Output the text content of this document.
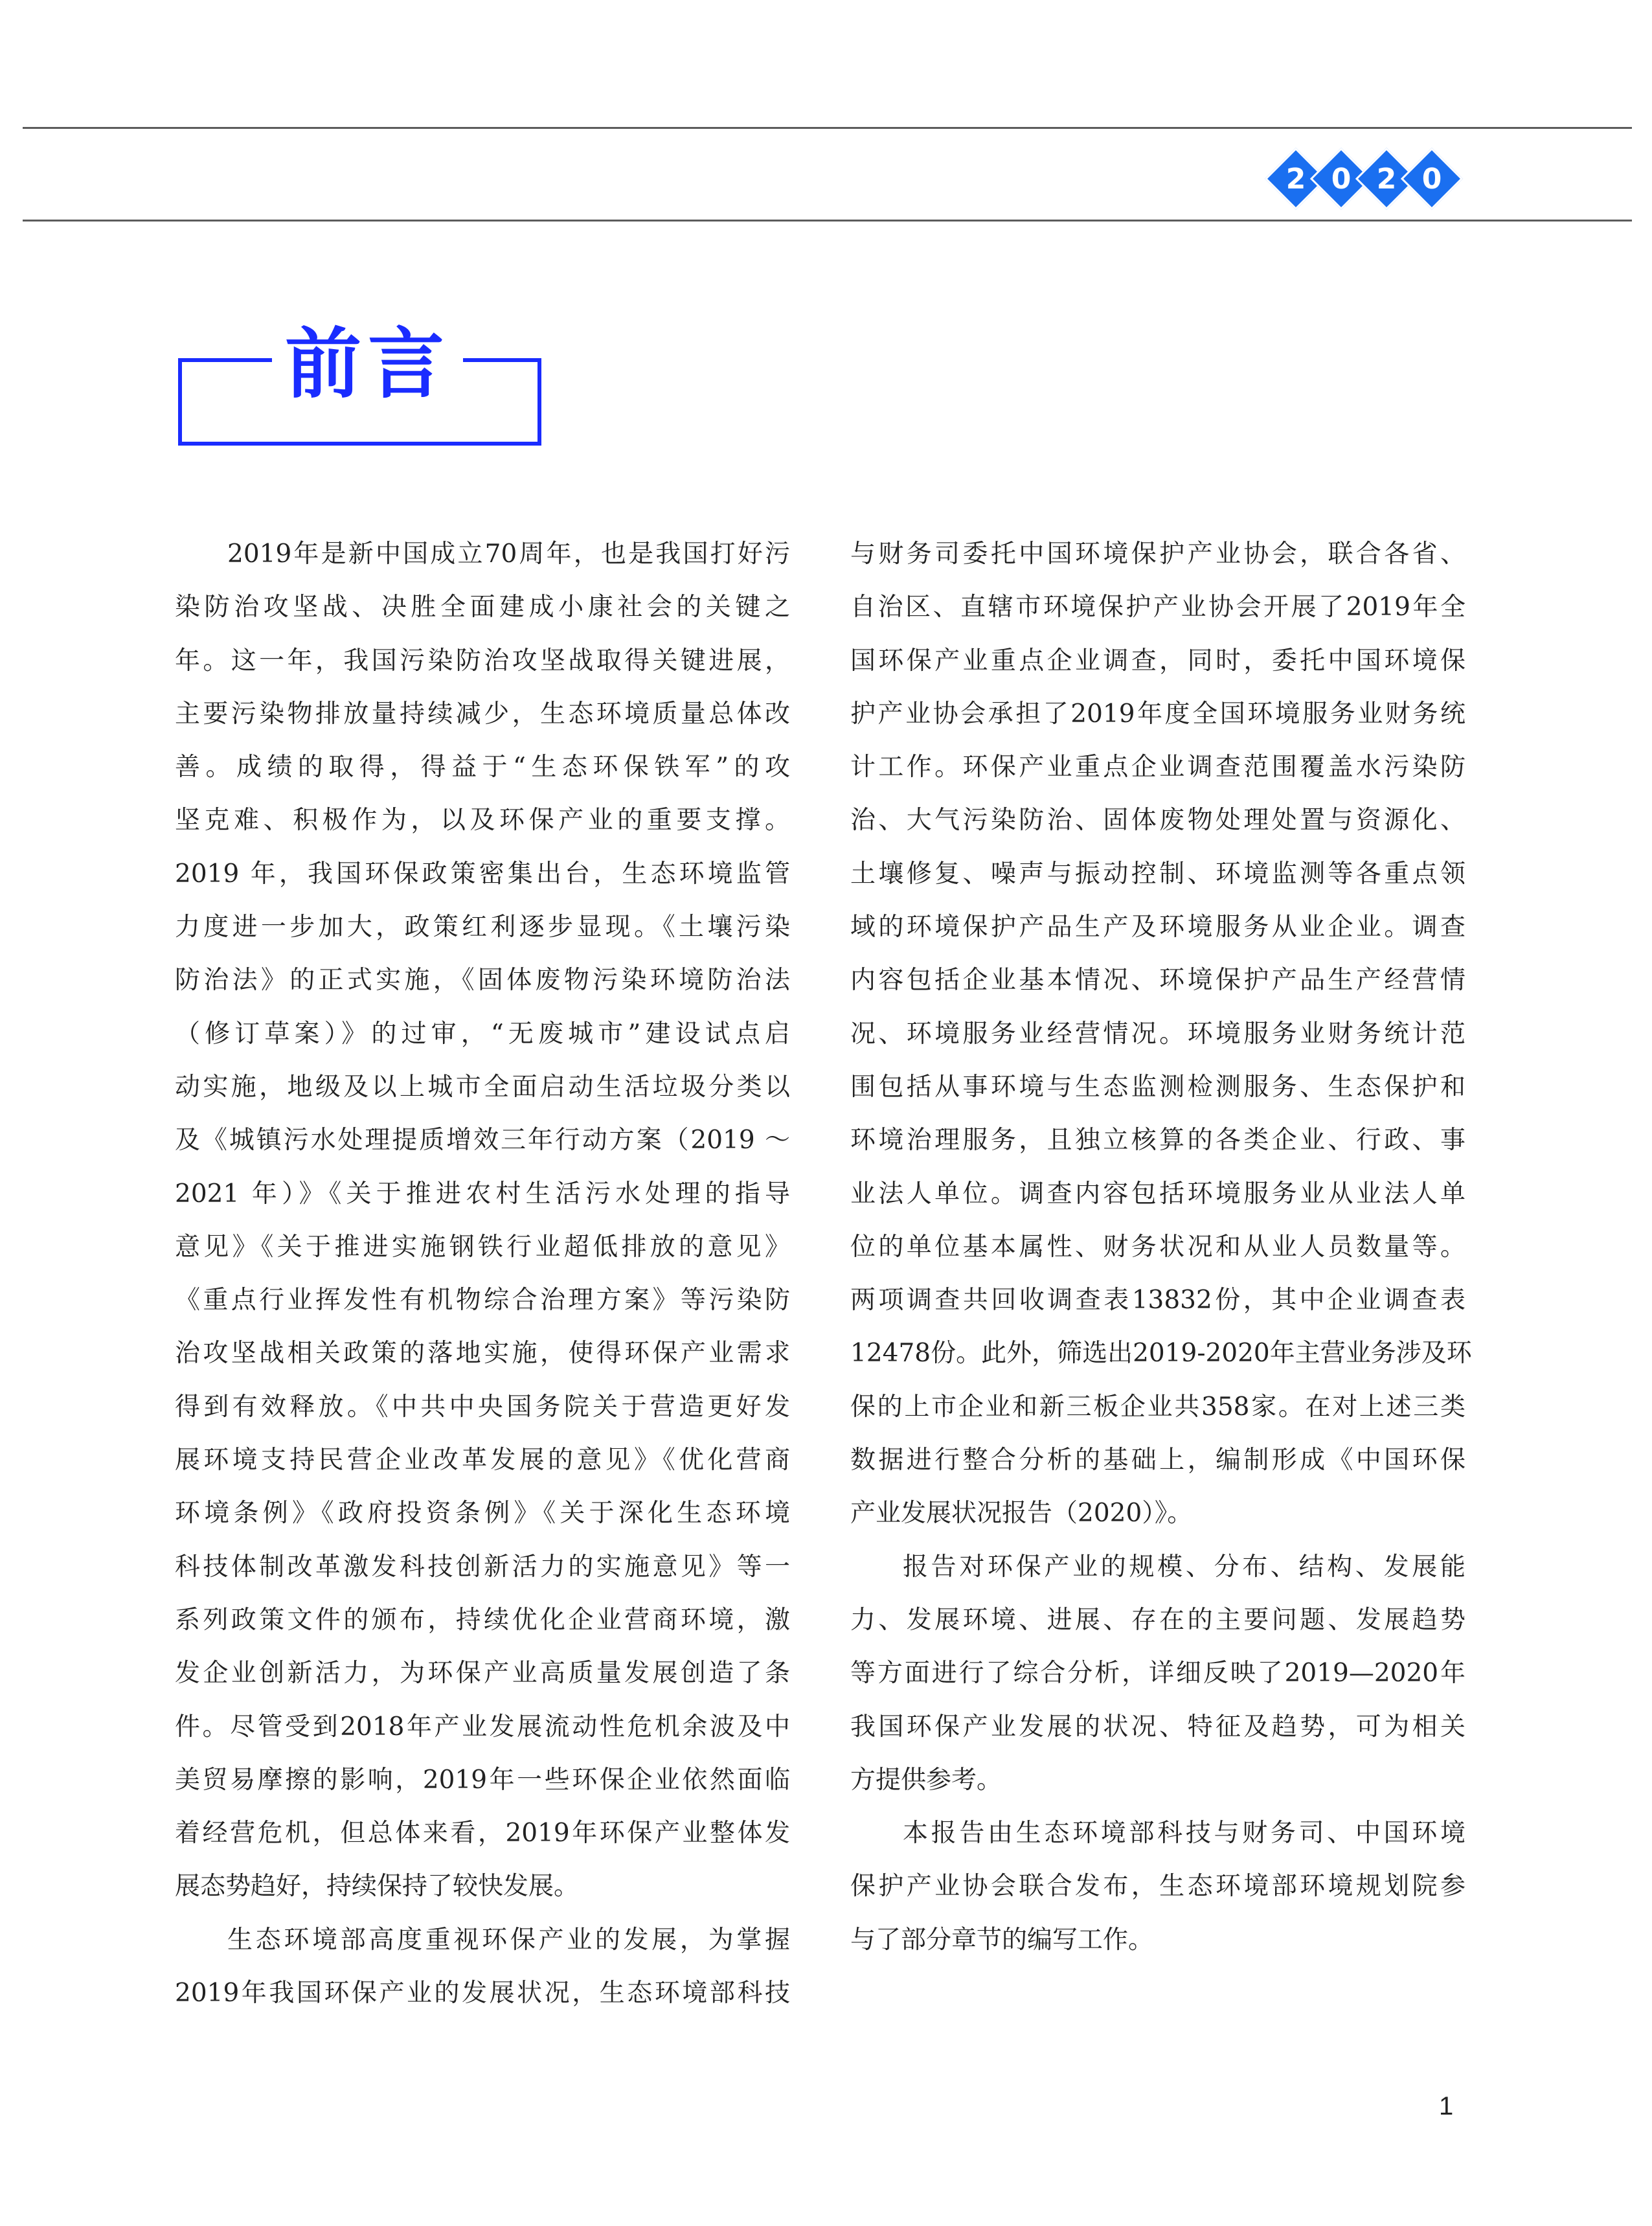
2 0 2 0
前言
2019年是新中国成立70周年，也是我国打好污
染防治攻坚战、决胜全面建成小康社会的关键之
年。这一年，我国污染防治攻坚战取得关键进展，
主要污染物排放量持续减少，生态环境质量总体改
善。成绩的取得，得益于“生态环保铁军”的攻
坚克难、积极作为，以及环保产业的重要支撑。
2019 年，我国环保政策密集出台，生态环境监管
力度进一步加大，政策红利逐步显现。《土壤污染
防治法》的正式实施，《固体废物污染环境防治法
（修订草案）》的过审，“无废城市”建设试点启
动实施，地级及以上城市全面启动生活垃圾分类以
及《城镇污水处理提质增效三年行动方案（2019 ～
2021 年）》《关于推进农村生活污水处理的指导
意见》《关于推进实施钢铁行业超低排放的意见》
《重点行业挥发性有机物综合治理方案》等污染防
治攻坚战相关政策的落地实施，使得环保产业需求
得到有效释放。《中共中央国务院关于营造更好发
展环境支持民营企业改革发展的意见》《优化营商
环境条例》《政府投资条例》《关于深化生态环境
科技体制改革激发科技创新活力的实施意见》等一
系列政策文件的颁布，持续优化企业营商环境，激
发企业创新活力，为环保产业高质量发展创造了条
件。尽管受到2018年产业发展流动性危机余波及中
美贸易摩擦的影响，2019年一些环保企业依然面临
着经营危机，但总体来看，2019年环保产业整体发
展态势趋好，持续保持了较快发展。
生态环境部高度重视环保产业的发展，为掌握
2019年我国环保产业的发展状况，生态环境部科技
与财务司委托中国环境保护产业协会，联合各省、
自治区、直辖市环境保护产业协会开展了2019年全
国环保产业重点企业调查，同时，委托中国环境保
护产业协会承担了2019年度全国环境服务业财务统
计工作。环保产业重点企业调查范围覆盖水污染防
治、大气污染防治、固体废物处理处置与资源化、
土壤修复、噪声与振动控制、环境监测等各重点领
域的环境保护产品生产及环境服务从业企业。调查
内容包括企业基本情况、环境保护产品生产经营情
况、环境服务业经营情况。环境服务业财务统计范
围包括从事环境与生态监测检测服务、生态保护和
环境治理服务，且独立核算的各类企业、行政、事
业法人单位。调查内容包括环境服务业从业法人单
位的单位基本属性、财务状况和从业人员数量等。
两项调查共回收调查表13832份，其中企业调查表
12478份。此外，筛选出2019-2020年主营业务涉及环
保的上市企业和新三板企业共358家。在对上述三类
数据进行整合分析的基础上，编制形成《中国环保
产业发展状况报告（2020）》。
报告对环保产业的规模、分布、结构、发展能
力、发展环境、进展、存在的主要问题、发展趋势
等方面进行了综合分析，详细反映了2019—2020年
我国环保产业发展的状况、特征及趋势，可为相关
方提供参考。
本报告由生态环境部科技与财务司、中国环境
保护产业协会联合发布，生态环境部环境规划院参
与了部分章节的编写工作。
1
